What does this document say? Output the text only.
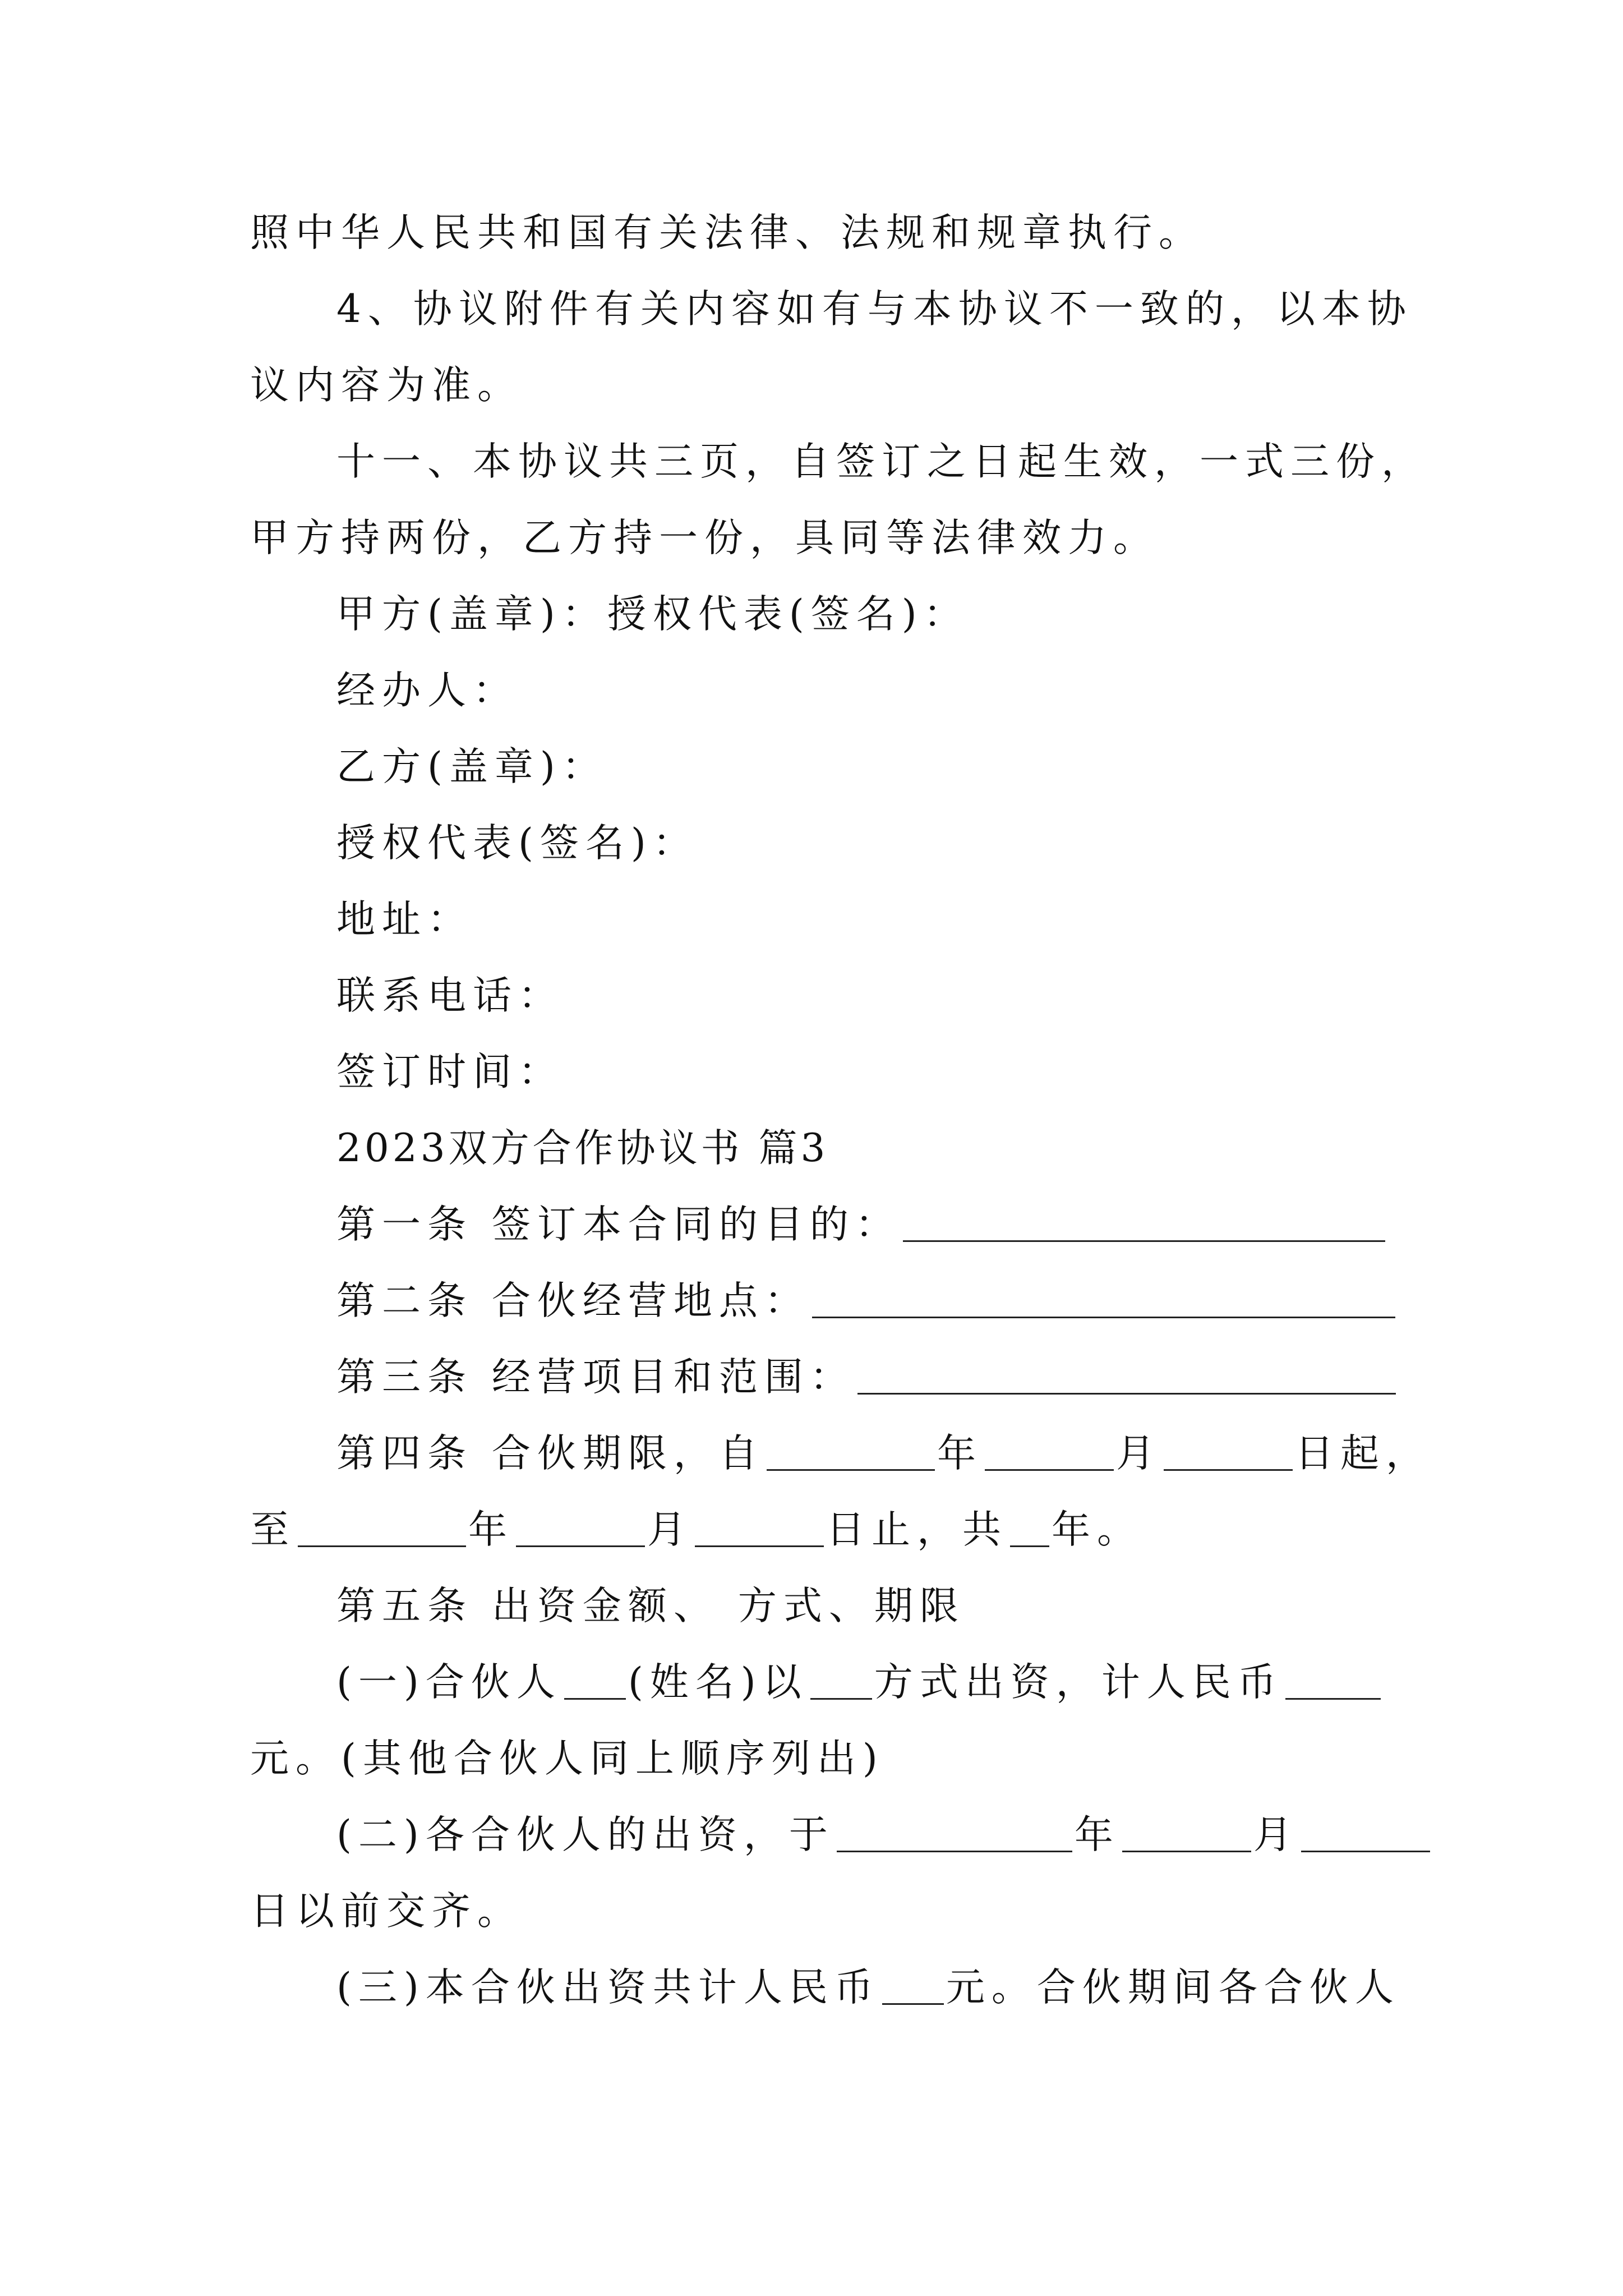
照中华人民共和国有关法律、法规和规章执行。
4、协议附件有关内容如有与本协议不一致的，以本协
议内容为准。
十一、本协议共三页，自签订之日起生效，一式三份，
甲方持两份，乙方持一份，具同等法律效力。
甲方(盖章)：授权代表(签名)：
经办人：
乙方(盖章)：
授权代表(签名)：
地址：
联系电话：
签订时间：
2023双方合作协议书 篇3
第一条 签订本合同的目的：
第二条 合伙经营地点：
第三条 经营项目和范围：
第四条 合伙期限，自	年	月	日起，
至	年	月	日止，共 年。
第五条 出资金额、 方式、期限
(一)合伙人 (姓名)以 方式出资，计人民币
元。(其他合伙人同上顺序列出)
(二)各合伙人的出资，于	年	月
日以前交齐。
(三)本合伙出资共计人民币 元。合伙期间各合伙人
